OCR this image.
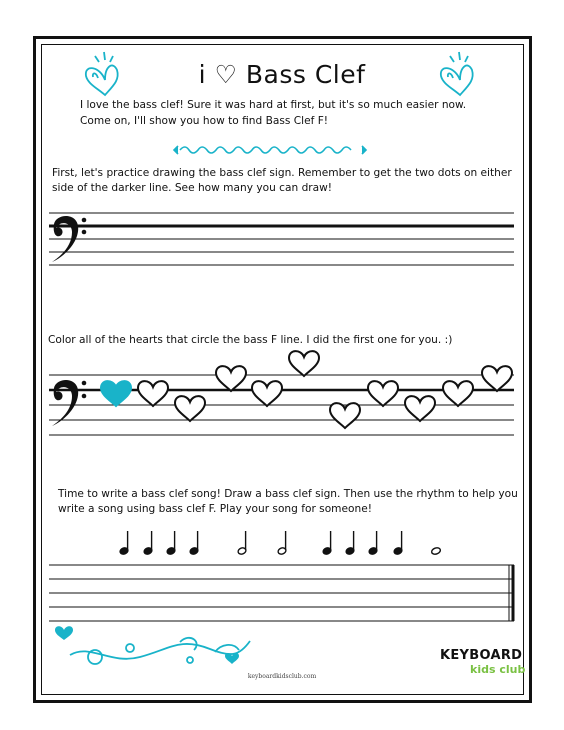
i ♡ Bass Clef
I love the bass clef! Sure it was hard at first, but it's so much easier now. Come on, I'll show you how to find Bass Clef F!
First, let's practice drawing the bass clef sign. Remember to get the two dots on either side of the darker line. See how many you can draw!
Color all of the hearts that circle the bass F line. I did the first one for you. :)
Time to write a bass clef song! Draw a bass clef sign. Then use the rhythm to help you write a song using bass clef F. Play your song for someone!
keyboardkidsclub.com
KEYBOARD
kids club
